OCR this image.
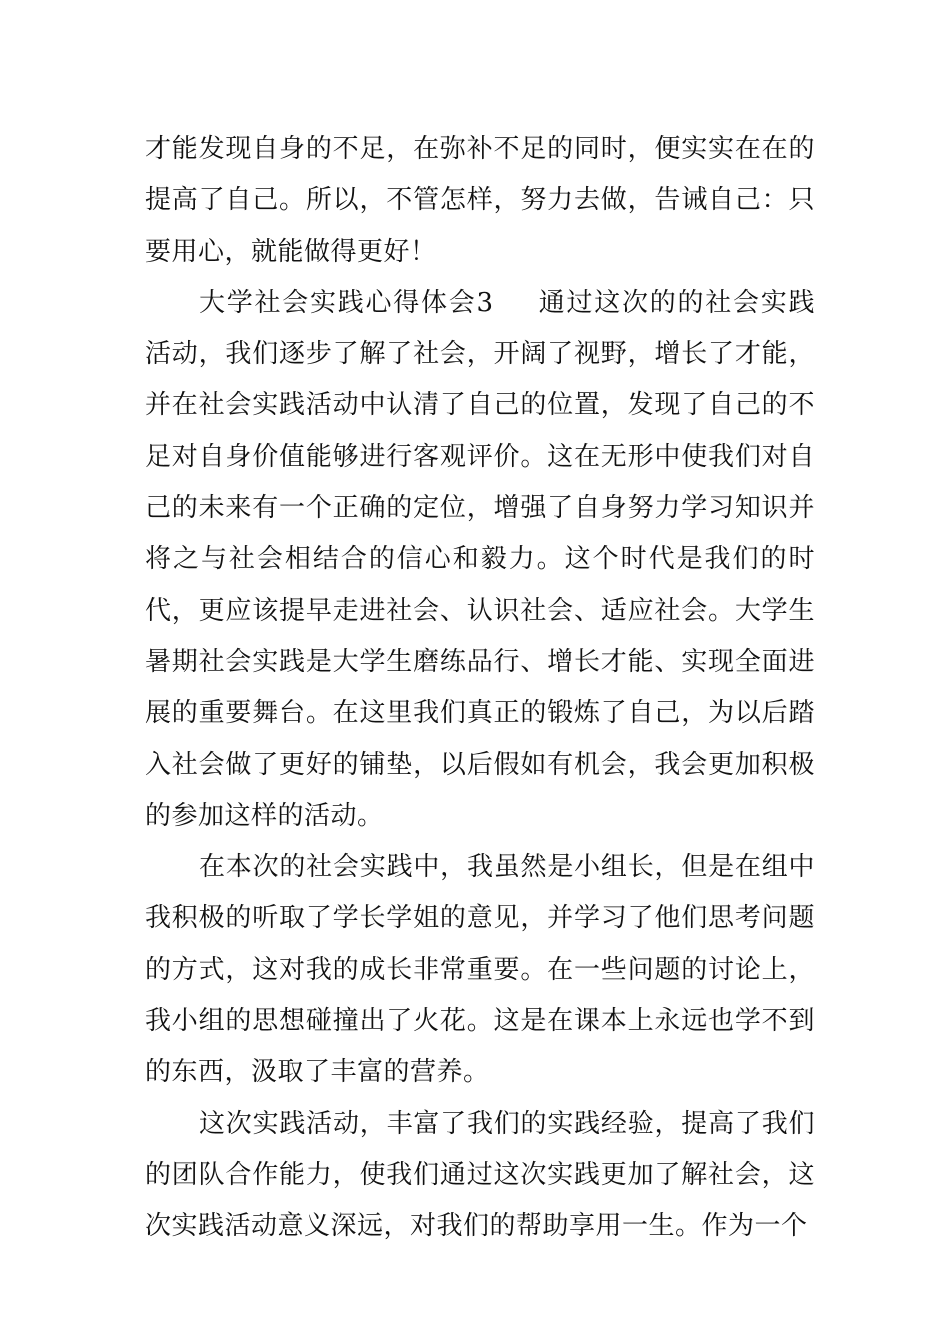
才能发现自身的不足，在弥补不足的同时，便实实在在的提高了自己。所以，不管怎样，努力去做，告诫自己：只要用心，就能做得更好！

大学社会实践心得体会3 通过这次的的社会实践活动，我们逐步了解了社会，开阔了视野，增长了才能，并在社会实践活动中认清了自己的位置，发现了自己的不足对自身价值能够进行客观评价。这在无形中使我们对自己的未来有一个正确的定位，增强了自身努力学习知识并将之与社会相结合的信心和毅力。这个时代是我们的时代，更应该提早走进社会、认识社会、适应社会。大学生暑期社会实践是大学生磨练品行、增长才能、实现全面进展的重要舞台。在这里我们真正的锻炼了自己，为以后踏入社会做了更好的铺垫，以后假如有机会，我会更加积极的参加这样的活动。

在本次的社会实践中，我虽然是小组长，但是在组中我积极的听取了学长学姐的意见，并学习了他们思考问题的方式，这对我的成长非常重要。在一些问题的讨论上，我小组的思想碰撞出了火花。这是在课本上永远也学不到的东西，汲取了丰富的营养。

这次实践活动，丰富了我们的实践经验，提高了我们的团队合作能力，使我们通过这次实践更加了解社会，这次实践活动意义深远，对我们的帮助享用一生。作为一个
